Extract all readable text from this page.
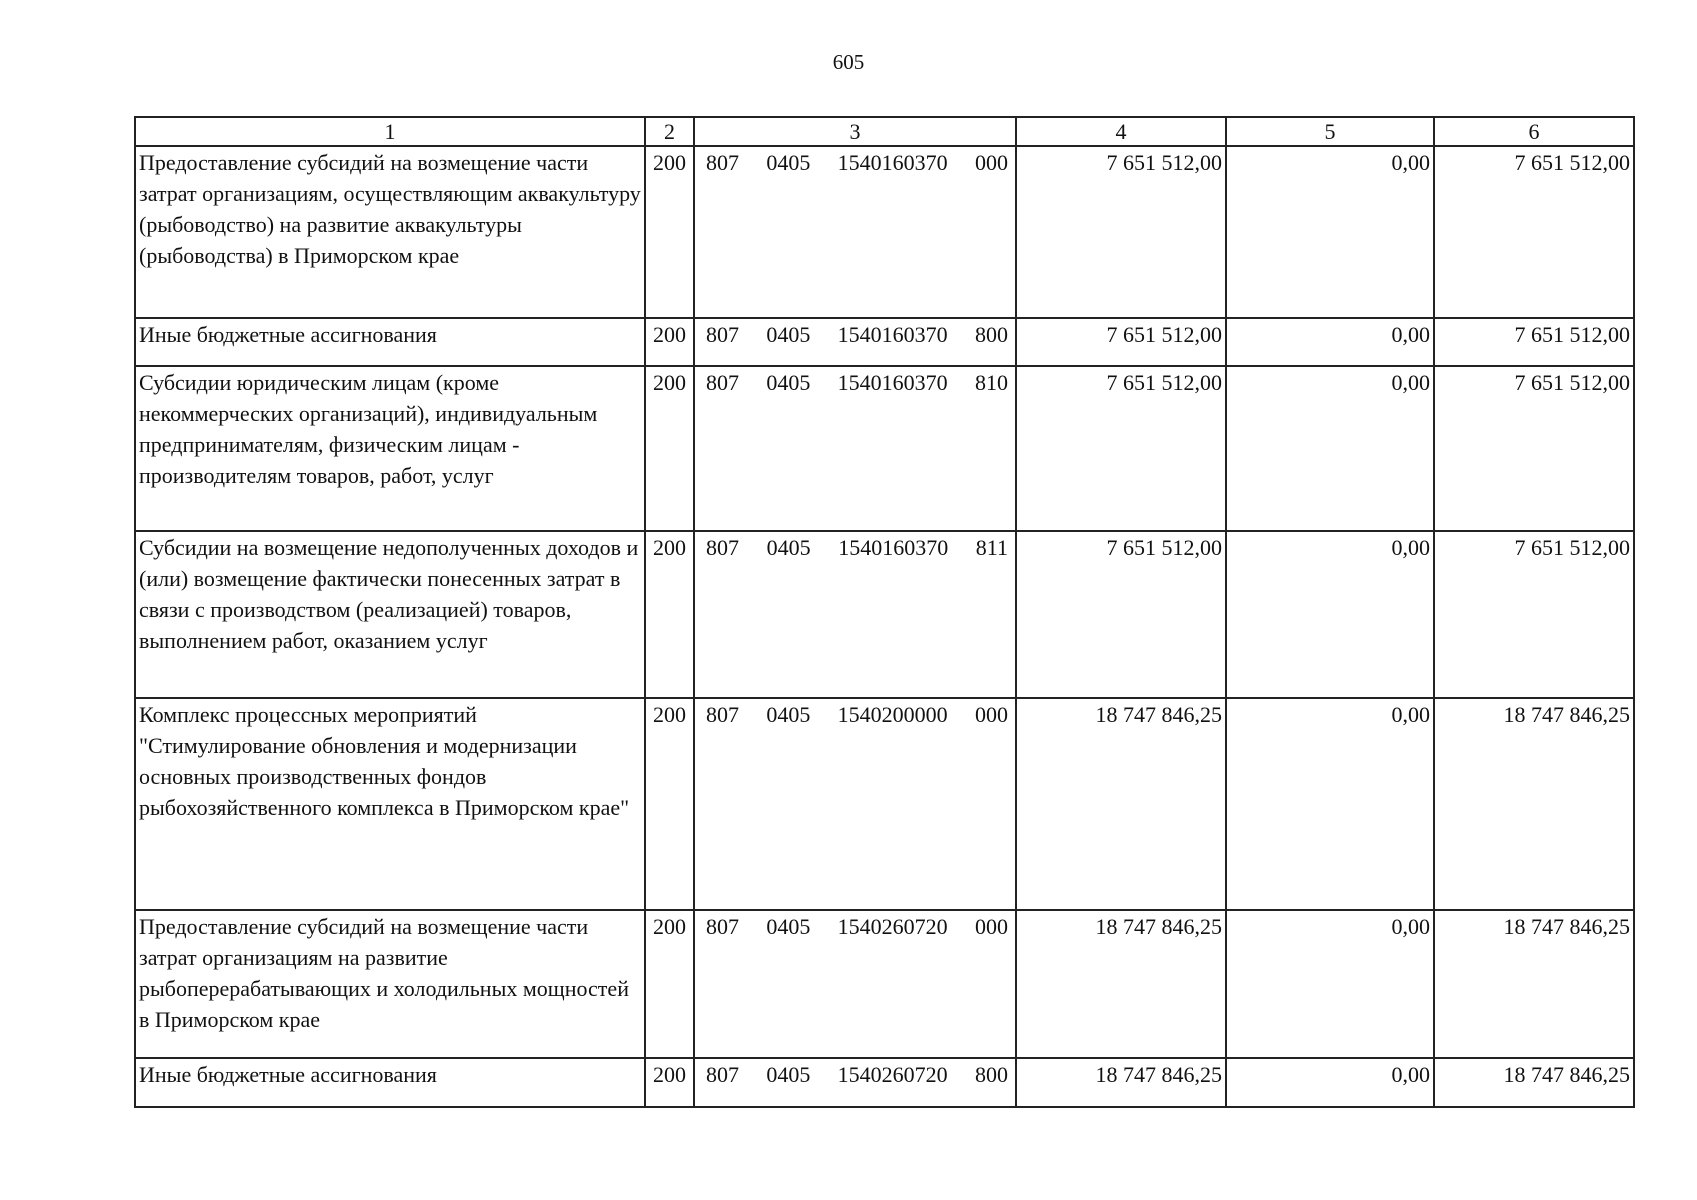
605
1	2	3	4	5	6
Предоставление субсидий на возмещение части затрат организациям, осуществляющим аквакультуру (рыбоводство) на развитие аквакультуры (рыбоводства) в Приморском крае	200	807 0405 1540160370 000	7 651 512,00	0,00	7 651 512,00
Иные бюджетные ассигнования	200	807 0405 1540160370 800	7 651 512,00	0,00	7 651 512,00
Субсидии юридическим лицам (кроме некоммерческих организаций), индивидуальным предпринимателям, физическим лицам - производителям товаров, работ, услуг	200	807 0405 1540160370 810	7 651 512,00	0,00	7 651 512,00
Субсидии на возмещение недополученных доходов и (или) возмещение фактически понесенных затрат в связи с производством (реализацией) товаров, выполнением работ, оказанием услуг	200	807 0405 1540160370 811	7 651 512,00	0,00	7 651 512,00
Комплекс процессных мероприятий "Стимулирование обновления и модернизации основных производственных фондов рыбохозяйственного комплекса в Приморском крае"	200	807 0405 1540200000 000	18 747 846,25	0,00	18 747 846,25
Предоставление субсидий на возмещение части затрат организациям на развитие рыбоперерабатывающих и холодильных мощностей в Приморском крае	200	807 0405 1540260720 000	18 747 846,25	0,00	18 747 846,25
Иные бюджетные ассигнования	200	807 0405 1540260720 800	18 747 846,25	0,00	18 747 846,25
